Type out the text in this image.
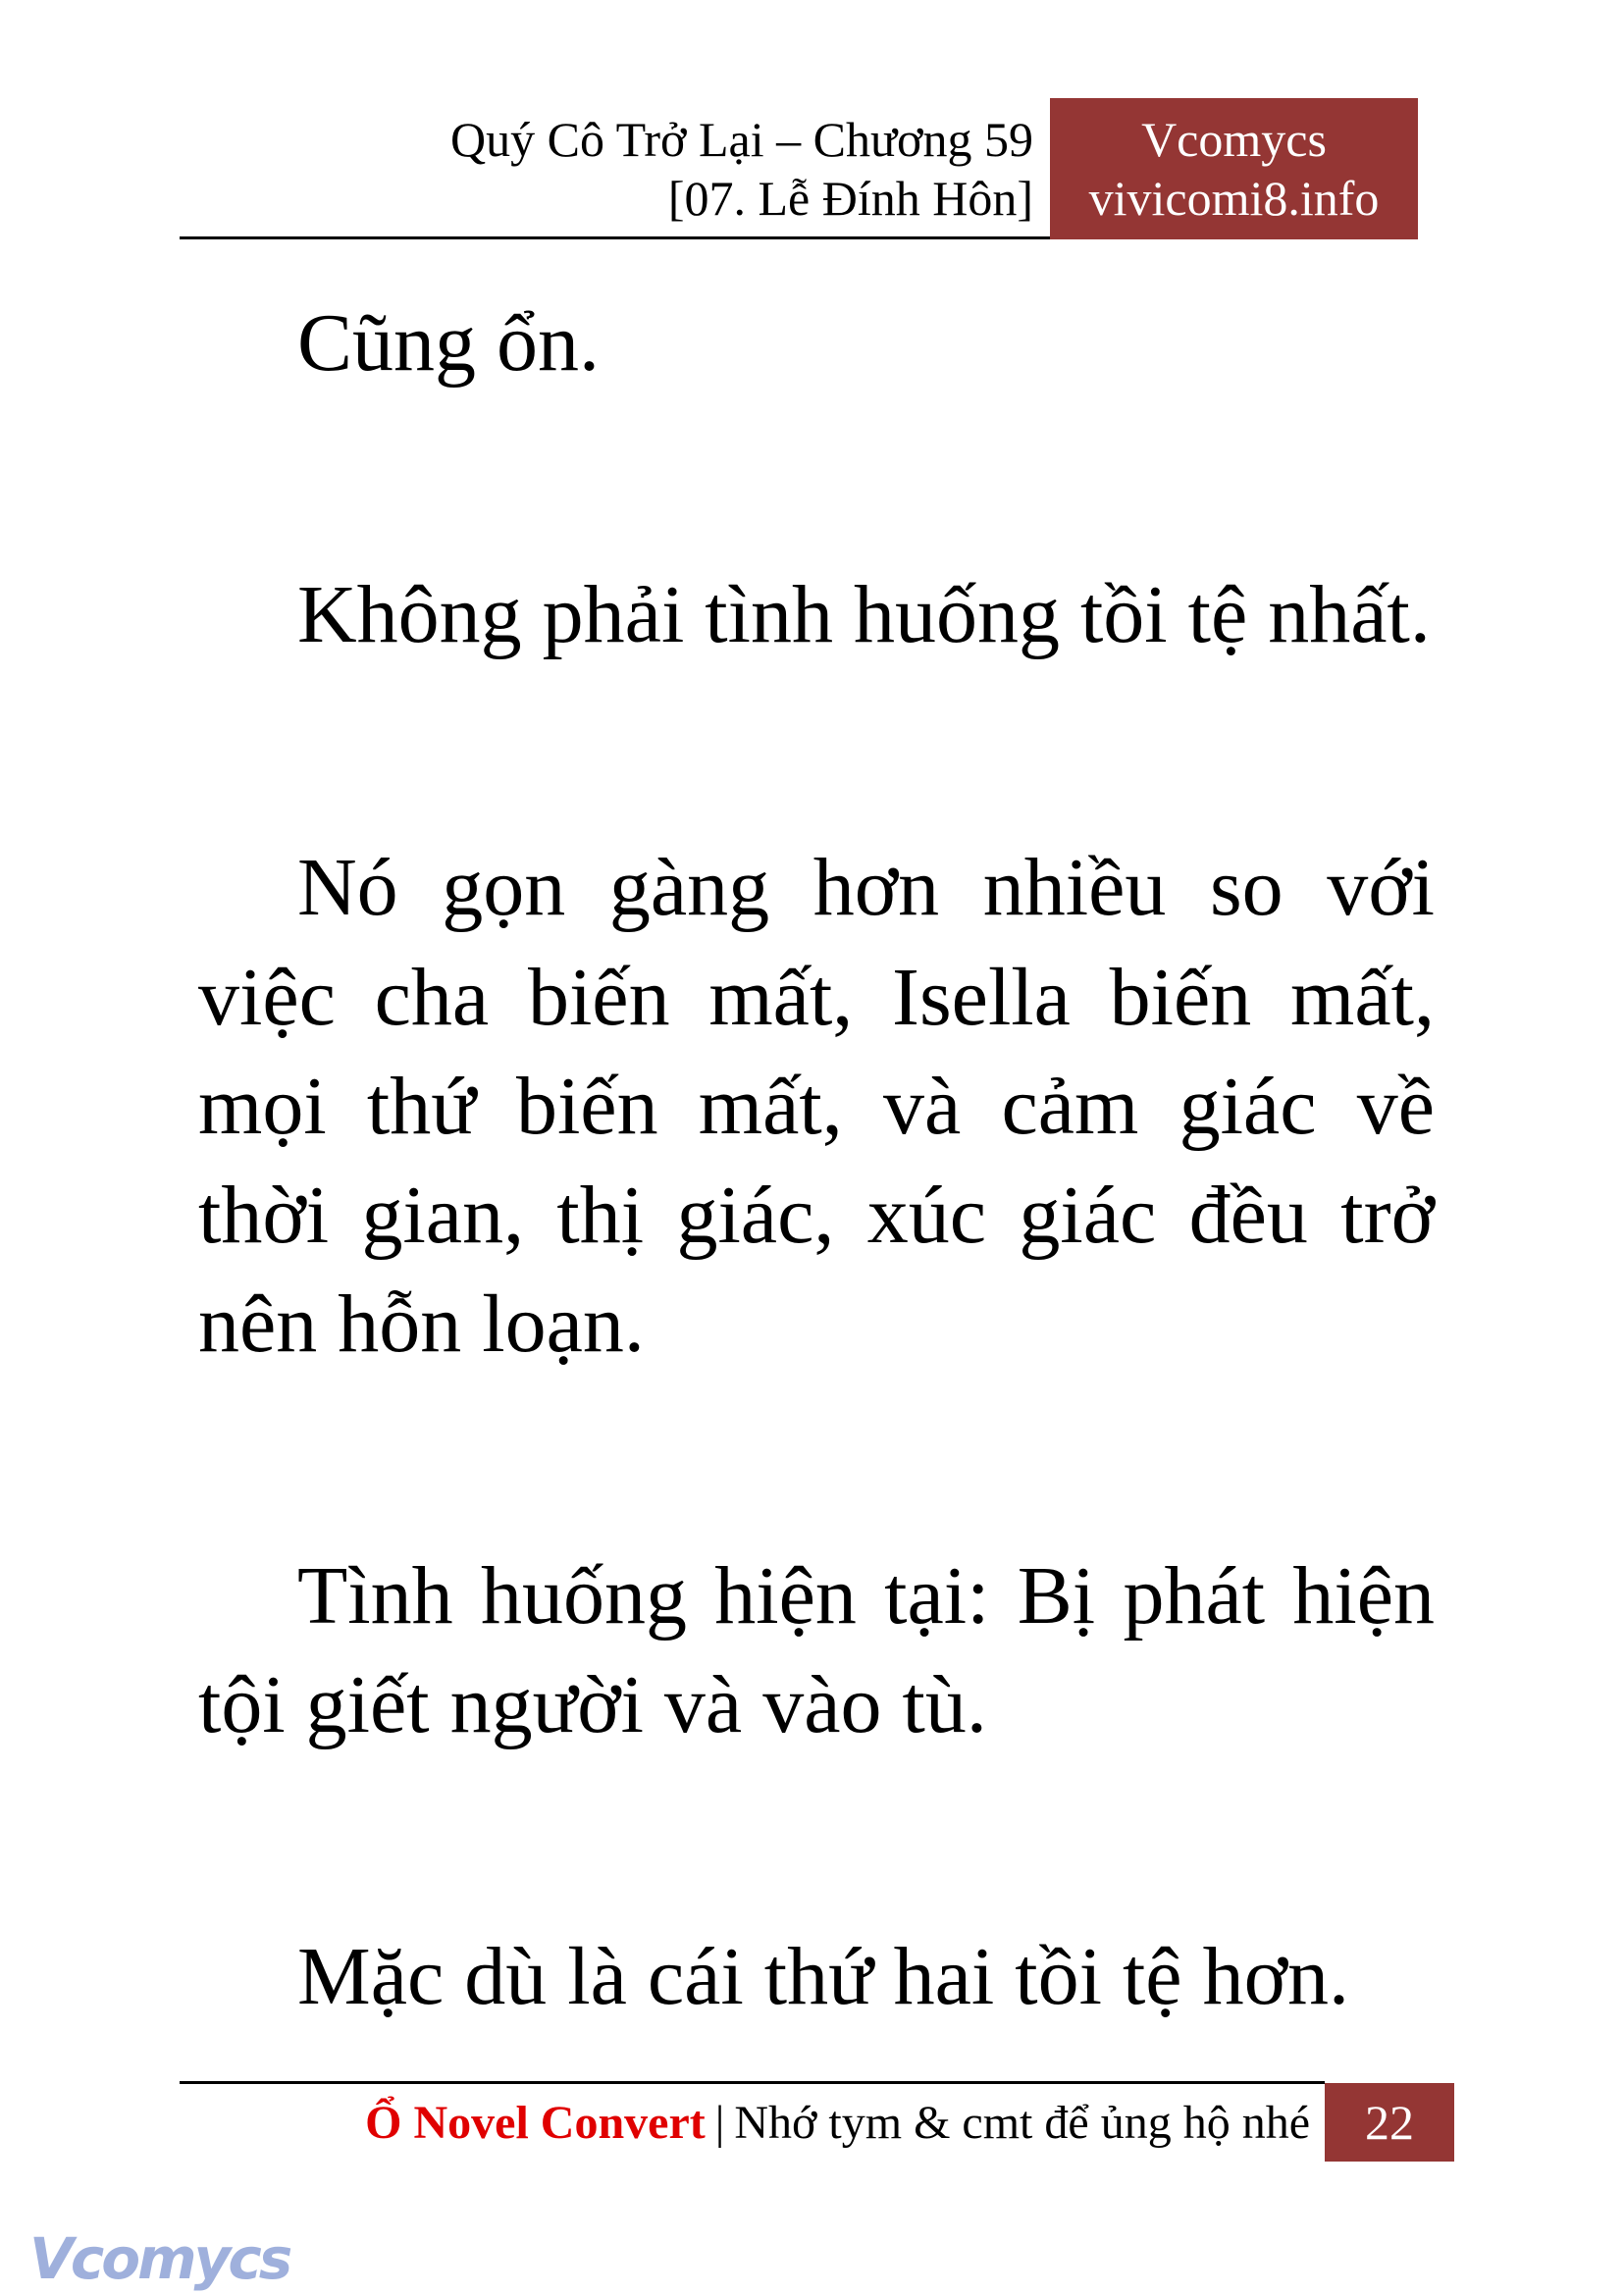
Quý Cô Trở Lại – Chương 59
[07. Lễ Đính Hôn]
Vcomycs
vivicomi8.info
Cũng ổn.
Không phải tình huống tồi tệ nhất.
Nó gọn gàng hơn nhiều so với
việc cha biến mất, Isella biến mất,
mọi thứ biến mất, và cảm giác về
thời gian, thị giác, xúc giác đều trở
nên hỗn loạn.
Tình huống hiện tại: Bị phát hiện
tội giết người và vào tù.
Mặc dù là cái thứ hai tồi tệ hơn.
Ổ Novel Convert | Nhớ tym & cmt để ủng hộ nhé	22
Vcomycs
